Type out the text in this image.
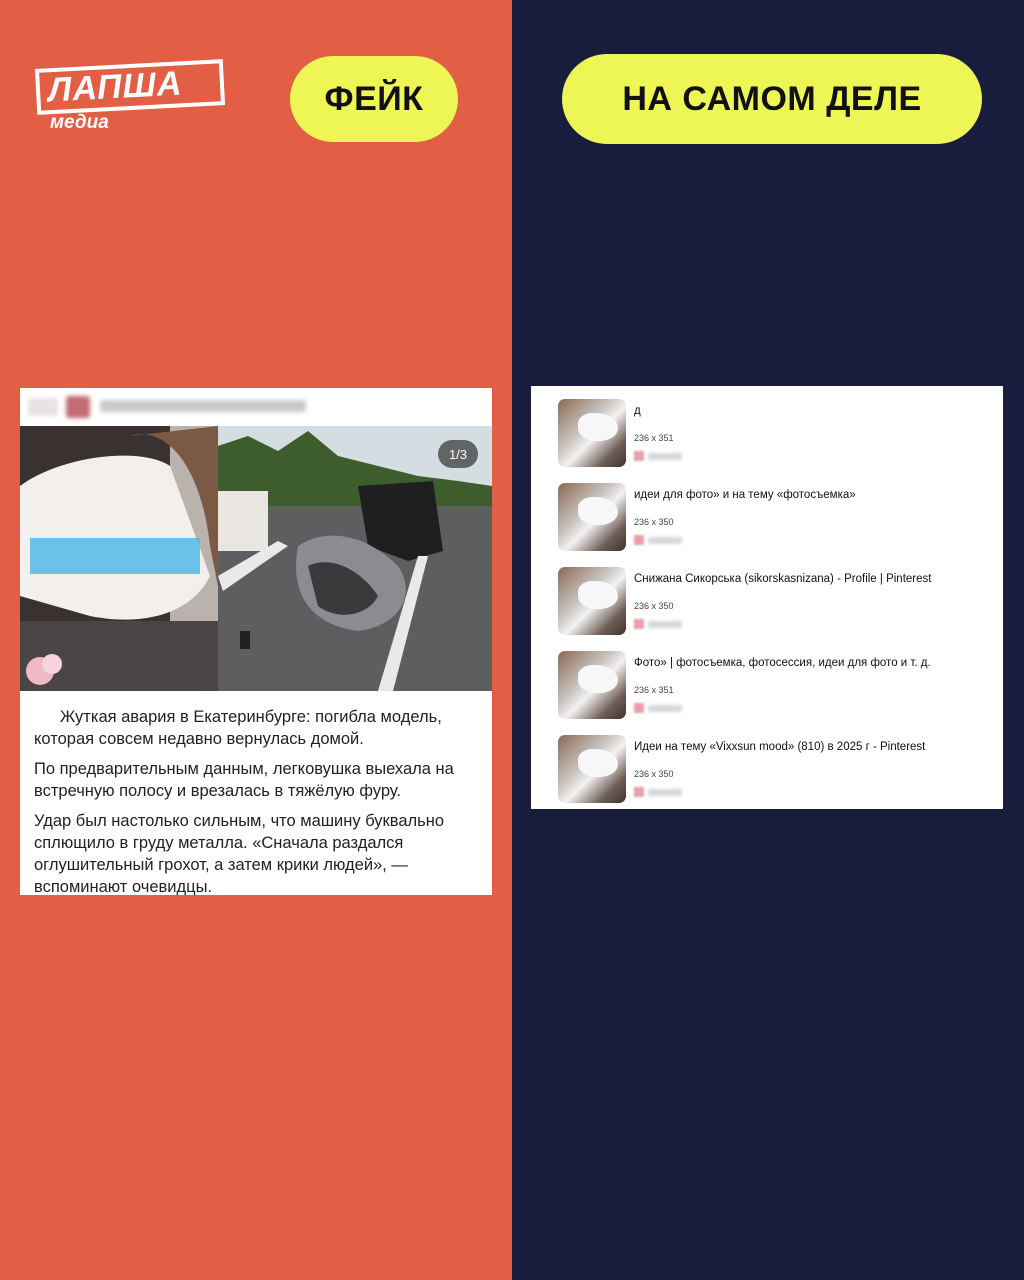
ЛАПША
медиа
ФЕЙК	НА САМОМ ДЕЛЕ
1/3

Жуткая авария в Екатеринбурге: погибла модель, которая совсем недавно вернулась домой.

По предварительным данным, легковушка выехала на встречную полосу и врезалась в тяжёлую фуру.

Удар был настолько сильным, что машину буквально сплющило в груду металла. «Сначала раздался оглушительный грохот, а затем крики людей», — вспоминают очевидцы.

д
236 x 351
идеи для фото» и на тему «фотосъемка»
236 x 350
Снижана Сикорська (sikorskasnizana) - Profile | Pinterest
236 x 350
Фото» | фотосъемка, фотосессия, идеи для фото и т. д.
236 x 351
Идеи на тему «Vixxsun mood» (810) в 2025 г - Pinterest
236 x 350
